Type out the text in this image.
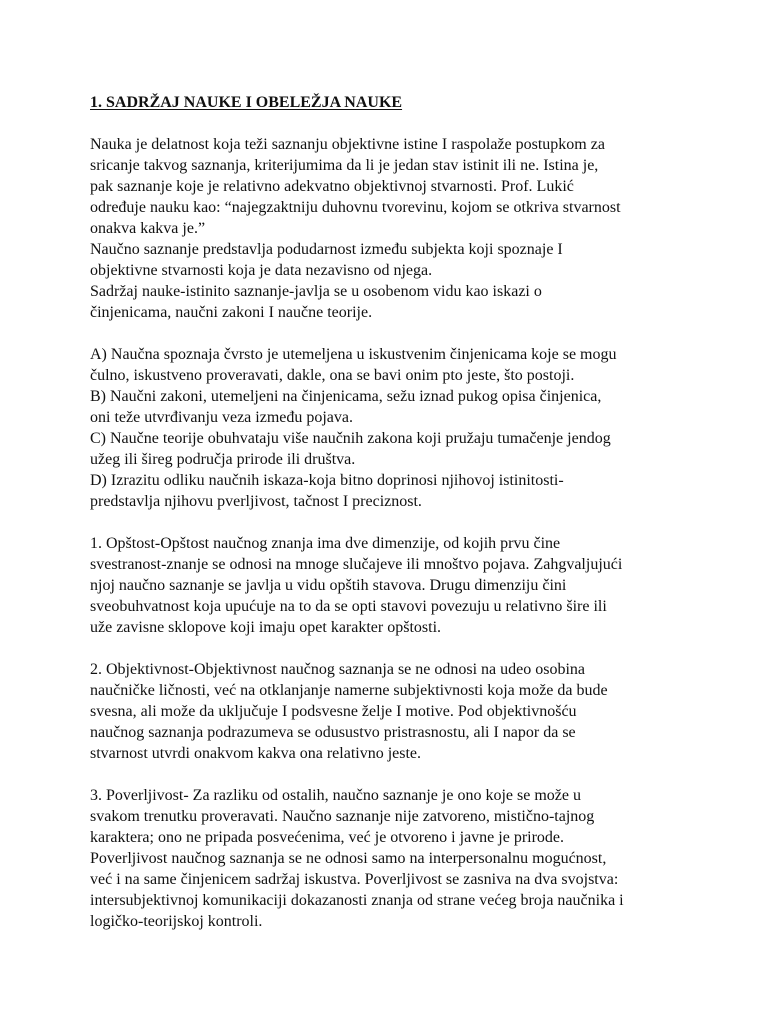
1. SADRŽAJ NAUKE I OBELEŽJA NAUKE
Nauka je delatnost koja teži saznanju objektivne istine I raspolaže postupkom za
sricanje takvog saznanja, kriterijumima da li je jedan stav istinit ili ne. Istina je,
pak saznanje koje je relativno adekvatno objektivnoj stvarnosti. Prof. Lukić
određuje nauku kao: “najegzaktniju duhovnu tvorevinu, kojom se otkriva stvarnost
onakva kakva je.”
Naučno saznanje predstavlja podudarnost između subjekta koji spoznaje I
objektivne stvarnosti koja je data nezavisno od njega.
Sadržaj nauke-istinito saznanje-javlja se u osobenom vidu kao iskazi o
činjenicama, naučni zakoni I naučne teorije.
A) Naučna spoznaja čvrsto je utemeljena u iskustvenim činjenicama koje se mogu
čulno, iskustveno proveravati, dakle, ona se bavi onim pto jeste, što postoji.
B) Naučni zakoni, utemeljeni na činjenicama, sežu iznad pukog opisa činjenica,
oni teže utvrđivanju veza između pojava.
C) Naučne teorije obuhvataju više naučnih zakona koji pružaju tumačenje jendog
užeg ili šireg područja prirode ili društva.
D) Izrazitu odliku naučnih iskaza-koja bitno doprinosi njihovoj istinitosti-
predstavlja njihovu pverljivost, tačnost I preciznost.
1. Opštost-Opštost naučnog znanja ima dve dimenzije, od kojih prvu čine
svestranost-znanje se odnosi na mnoge slučajeve ili mnoštvo pojava. Zahgvaljujući
njoj naučno saznanje se javlja u vidu opštih stavova. Drugu dimenziju čini
sveobuhvatnost koja upućuje na to da se opti stavovi povezuju u relativno šire ili
uže zavisne sklopove koji imaju opet karakter opštosti.
2. Objektivnost-Objektivnost naučnog saznanja se ne odnosi na udeo osobina
naučničke ličnosti, već na otklanjanje namerne subjektivnosti koja može da bude
svesna, ali može da uključuje I podsvesne želje I motive. Pod objektivnošću
naučnog saznanja podrazumeva se odusustvo pristrasnostu, ali I napor da se
stvarnost utvrdi onakvom kakva ona relativno jeste.
3. Poverljivost- Za razliku od ostalih, naučno saznanje je ono koje se može u
svakom trenutku proveravati. Naučno saznanje nije zatvoreno, mistično-tajnog
karaktera; ono ne pripada posvećenima, već je otvoreno i javne je prirode.
Poverljivost naučnog saznanja se ne odnosi samo na interpersonalnu mogućnost,
već i na same činjenicem sadržaj iskustva. Poverljivost se zasniva na dva svojstva:
intersubjektivnoj komunikaciji dokazanosti znanja od strane većeg broja naučnika i
logičko-teorijskoj kontroli.
